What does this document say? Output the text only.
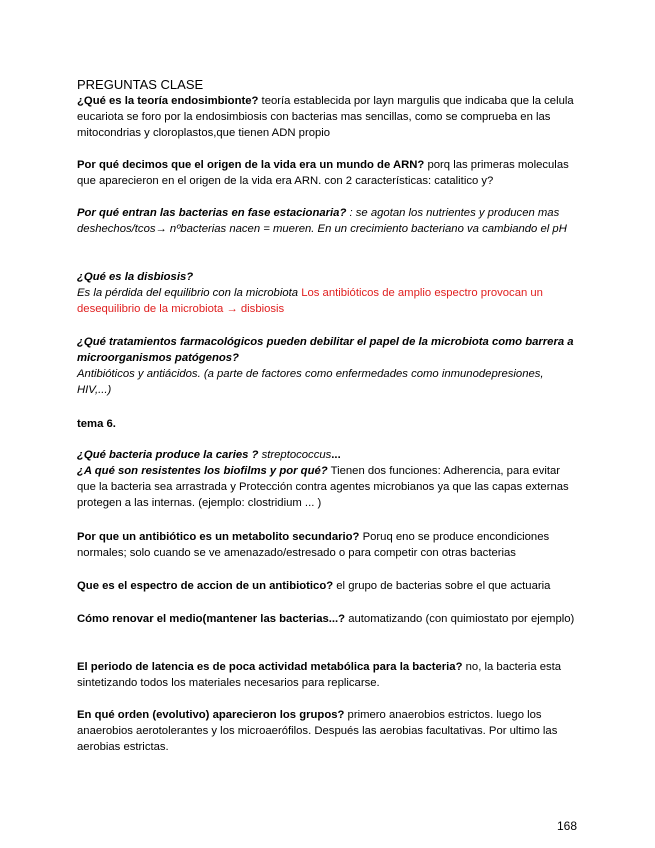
PREGUNTAS CLASE
¿Qué es la teoría endosimbionte? teoría establecida por layn margulis que indicaba que la celula eucariota se foro por la endosimbiosis con bacterias mas sencillas, como se comprueba en las mitocondrias y cloroplastos,que tienen ADN propio
Por qué decimos que el origen de la vida era un mundo de ARN? porq las primeras moleculas que aparecieron en el origen de la vida era ARN. con 2 características: catalitico y?
Por qué entran las bacterias en fase estacionaria? : se agotan los nutrientes y producen mas deshechos/tcos→ nºbacterias nacen = mueren. En un crecimiento bacteriano va cambiando el pH
¿Qué es la disbiosis?
Es la pérdida del equilibrio con la microbiota Los antibióticos de amplio espectro provocan un desequilibrio de la microbiota → disbiosis
¿Qué tratamientos farmacológicos pueden debilitar el papel de la microbiota como barrera a microorganismos patógenos?
Antibióticos y antiácidos. (a parte de factores como enfermedades como inmunodepresiones, HIV,...)
tema 6.
¿Qué bacteria produce la caries ? streptococcus...
¿A qué son resistentes los biofilms y por qué? Tienen dos funciones: Adherencia, para evitar que la bacteria sea arrastrada y Protección contra agentes microbianos ya que las capas externas protegen a las internas. (ejemplo: clostridium ... )
Por que un antibiótico es un metabolito secundario? Poruq eno se produce encondiciones normales; solo cuando se ve amenazado/estresado o para competir con otras bacterias
Que es el espectro de accion de un antibiotico? el grupo de bacterias sobre el que actuaria
Cómo renovar el medio(mantener las bacterias...? automatizando (con quimiostato por ejemplo)
El periodo de latencia es de poca actividad metabólica para la bacteria? no, la bacteria esta sintetizando todos los materiales necesarios para replicarse.
En qué orden (evolutivo) aparecieron los grupos? primero anaerobios estrictos. luego los anaerobios aerotolerantes y los microaerófilos. Después las aerobias facultativas. Por ultimo las aerobias estrictas.
168
